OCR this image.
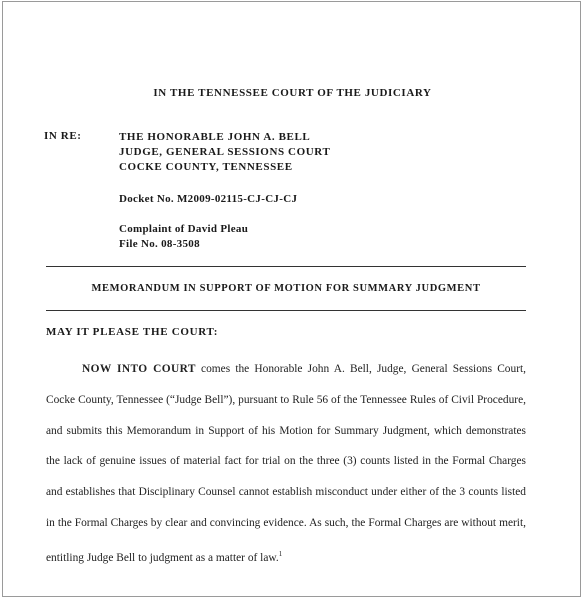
IN THE TENNESSEE COURT OF THE JUDICIARY
IN RE:	THE HONORABLE JOHN A. BELL
JUDGE, GENERAL SESSIONS COURT
COCKE COUNTY, TENNESSEE
Docket No. M2009-02115-CJ-CJ-CJ
Complaint of David Pleau
File No. 08-3508
MEMORANDUM IN SUPPORT OF MOTION FOR SUMMARY JUDGMENT
MAY IT PLEASE THE COURT:
NOW INTO COURT comes the Honorable John A. Bell, Judge, General Sessions Court, Cocke County, Tennessee (“Judge Bell”), pursuant to Rule 56 of the Tennessee Rules of Civil Procedure, and submits this Memorandum in Support of his Motion for Summary Judgment, which demonstrates the lack of genuine issues of material fact for trial on the three (3) counts listed in the Formal Charges and establishes that Disciplinary Counsel cannot establish misconduct under either of the 3 counts listed in the Formal Charges by clear and convincing evidence. As such, the Formal Charges are without merit, entitling Judge Bell to judgment as a matter of law.$^1$
